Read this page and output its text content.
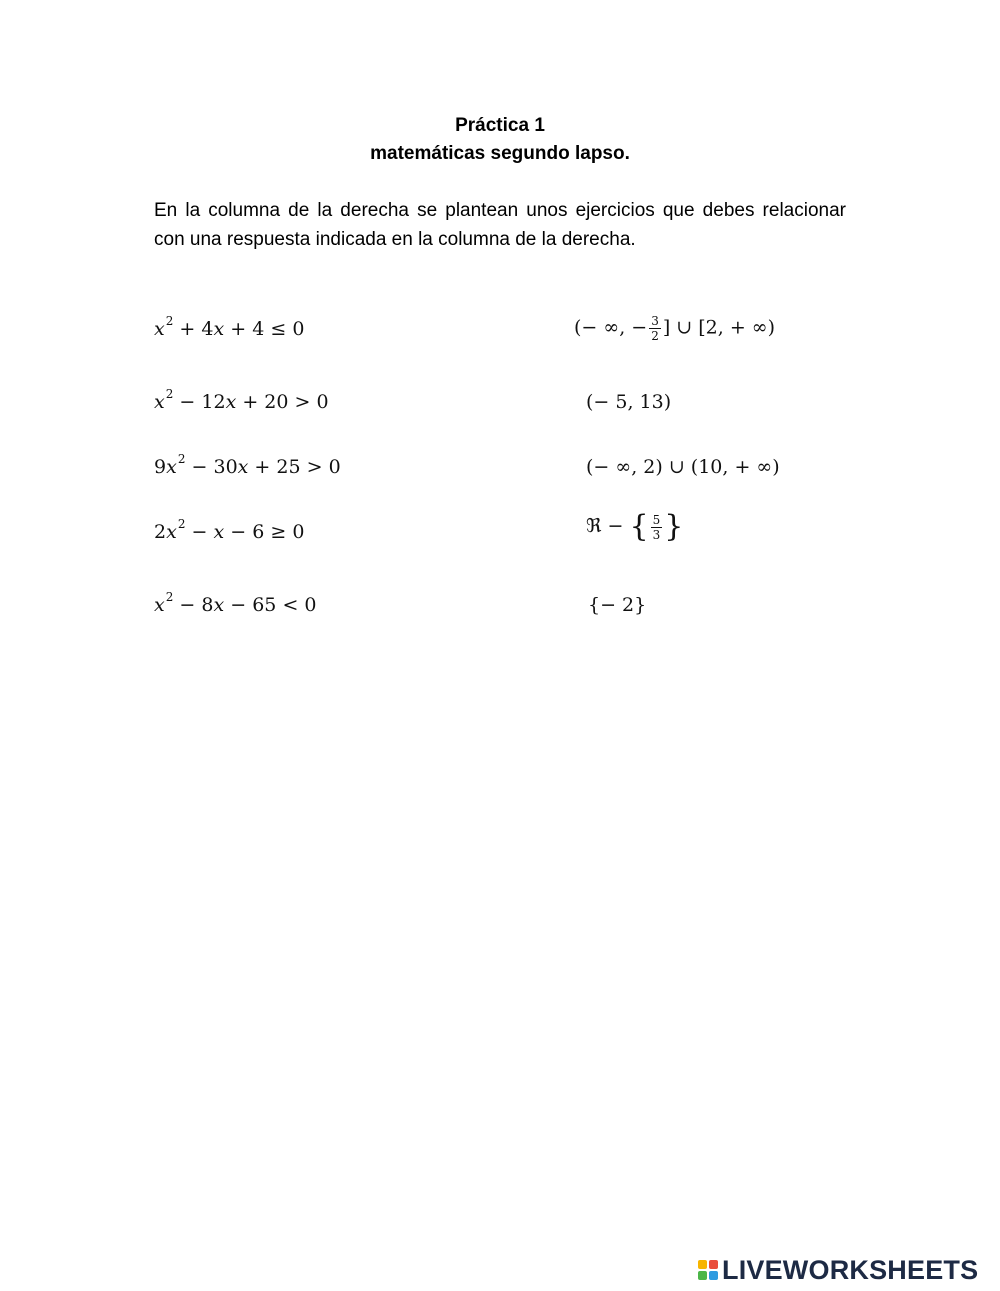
Práctica 1
matemáticas segundo lapso.
En la columna de la derecha se plantean unos ejercicios que debes relacionar con una respuesta indicada en la columna de la derecha.
$x^2 + 4x + 4 \le 0$
$x^2 - 12x + 20 > 0$
$9x^2 - 30x + 25 > 0$
$2x^2 - x - 6 \ge 0$
$x^2 - 8x - 65 < 0$
(− ∞, − $\frac{3}{2}$ ] ∪ [2, + ∞)
(− 5, 13)
(− ∞, 2) ∪ (10, + ∞)
ℜ − { $\frac{5}{3}$ }
{− 2}
LIVEWORKSHEETS
